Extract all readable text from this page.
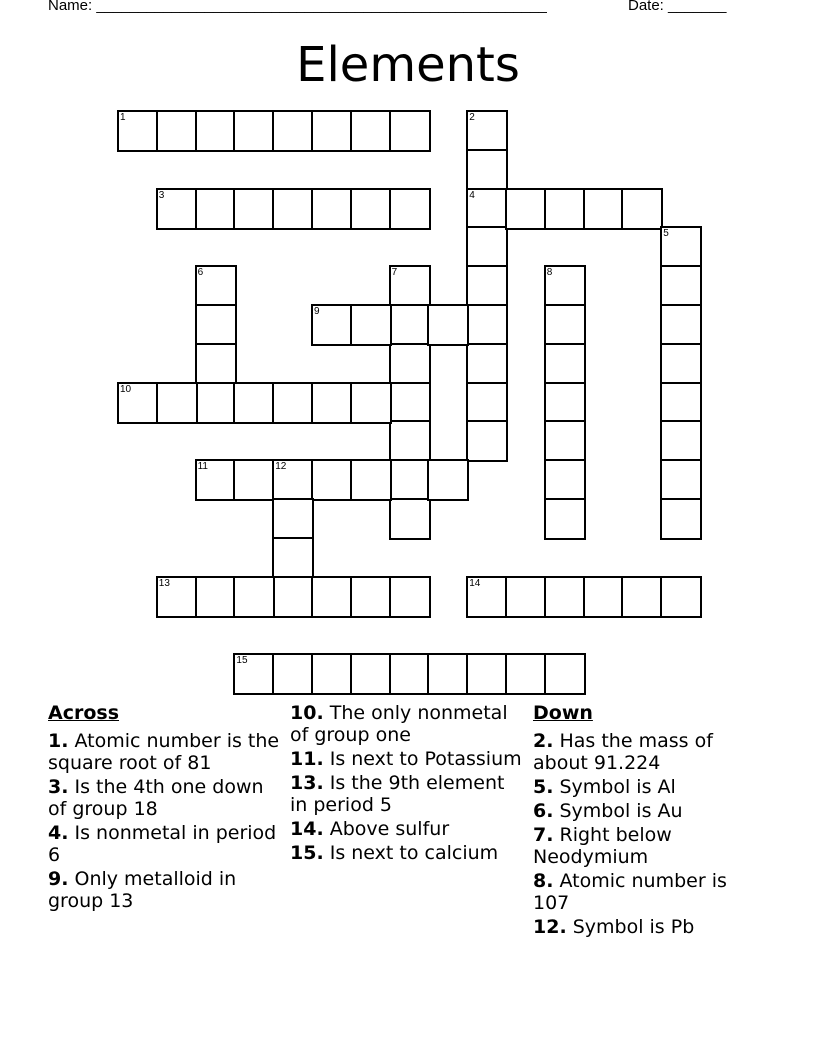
Name: ______________________________________________________	Date: _______
Elements
1	2
4
3
5
6	7	8
9
10
11	12
13	14
15
Across
1. Atomic number is the square root of 81
3. Is the 4th one down of group 18
4. Is nonmetal in period 6
9. Only metalloid in group 13
10. The only nonmetal of group one
11. Is next to Potassium
13. Is the 9th element in period 5
14. Above sulfur
15. Is next to calcium
Down
2. Has the mass of about 91.224
5. Symbol is Al
6. Symbol is Au
7. Right below Neodymium
8. Atomic number is 107
12. Symbol is Pb
